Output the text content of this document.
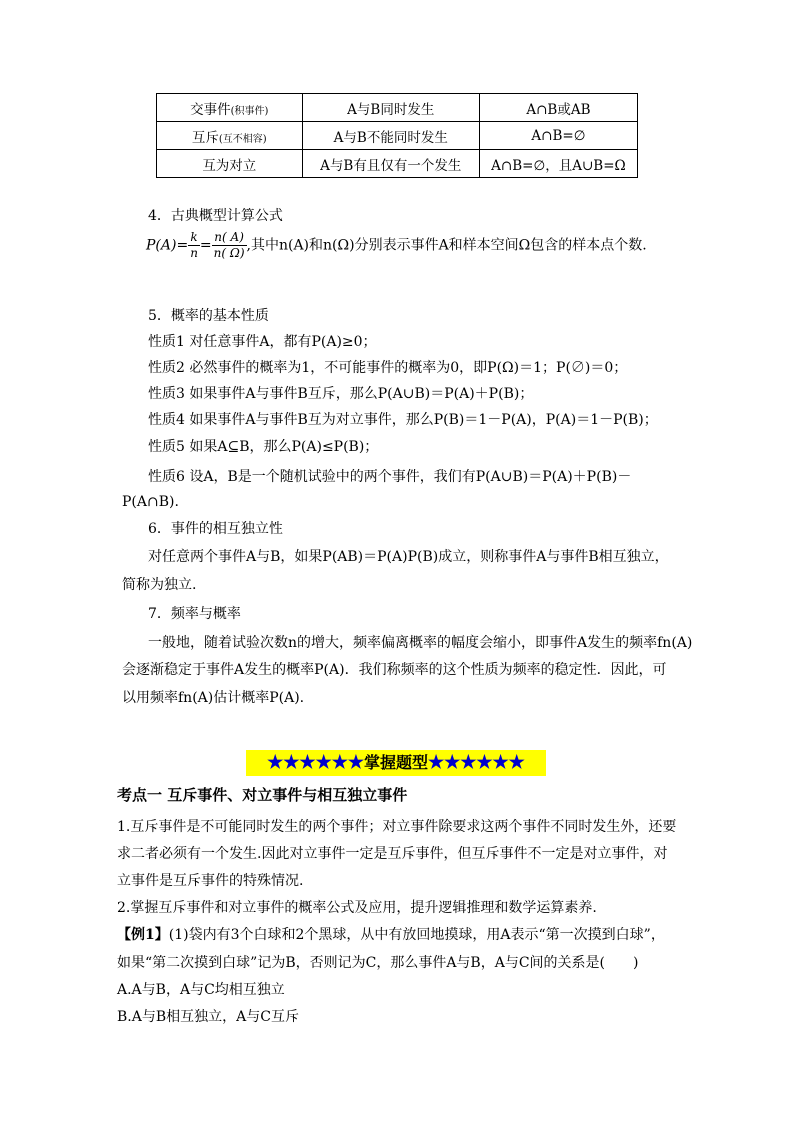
交事件(积事件)	A与B同时发生	A∩B或AB
互斥(互不相容)	A与B不能同时发生	A∩B=∅
互为对立	A与B有且仅有一个发生	A∩B=∅，且A∪B=Ω
4．古典概型计算公式
$P(A)= \frac{k}{n} = \frac{n( A)}{n( \Omega)}$ ,其中n(A)和n(Ω)分别表示事件A和样本空间Ω包含的样本点个数.
5．概率的基本性质
性质1 对任意事件A，都有P(A)≥0；
性质2 必然事件的概率为1，不可能事件的概率为0，即P(Ω)＝1；P(∅)＝0；
性质3 如果事件A与事件B互斥，那么P(A∪B)＝P(A)＋P(B)；
性质4 如果事件A与事件B互为对立事件，那么P(B)＝1－P(A)，P(A)＝1－P(B)；
性质5 如果A⊆B，那么P(A)≤P(B)；
性质6 设A，B是一个随机试验中的两个事件，我们有P(A∪B)＝P(A)＋P(B)－
P(A∩B).
6．事件的相互独立性
对任意两个事件A与B，如果P(AB)＝P(A)P(B)成立，则称事件A与事件B相互独立，
简称为独立.
7．频率与概率
一般地，随着试验次数n的增大，频率偏离概率的幅度会缩小，即事件A发生的频率fn(A)
会逐渐稳定于事件A发生的概率P(A)．我们称频率的这个性质为频率的稳定性．因此，可
以用频率fn(A)估计概率P(A).
★★★★★★掌握题型★★★★★★
考点一 互斥事件、对立事件与相互独立事件
1.互斥事件是不可能同时发生的两个事件；对立事件除要求这两个事件不同时发生外，还要
求二者必须有一个发生.因此对立事件一定是互斥事件，但互斥事件不一定是对立事件，对
立事件是互斥事件的特殊情况.
2.掌握互斥事件和对立事件的概率公式及应用，提升逻辑推理和数学运算素养.
【例1】(1)袋内有3个白球和2个黑球，从中有放回地摸球，用A表示“第一次摸到白球”，
如果“第二次摸到白球”记为B，否则记为C，那么事件A与B，A与C间的关系是(　　)
A.A与B，A与C均相互独立
B.A与B相互独立，A与C互斥
